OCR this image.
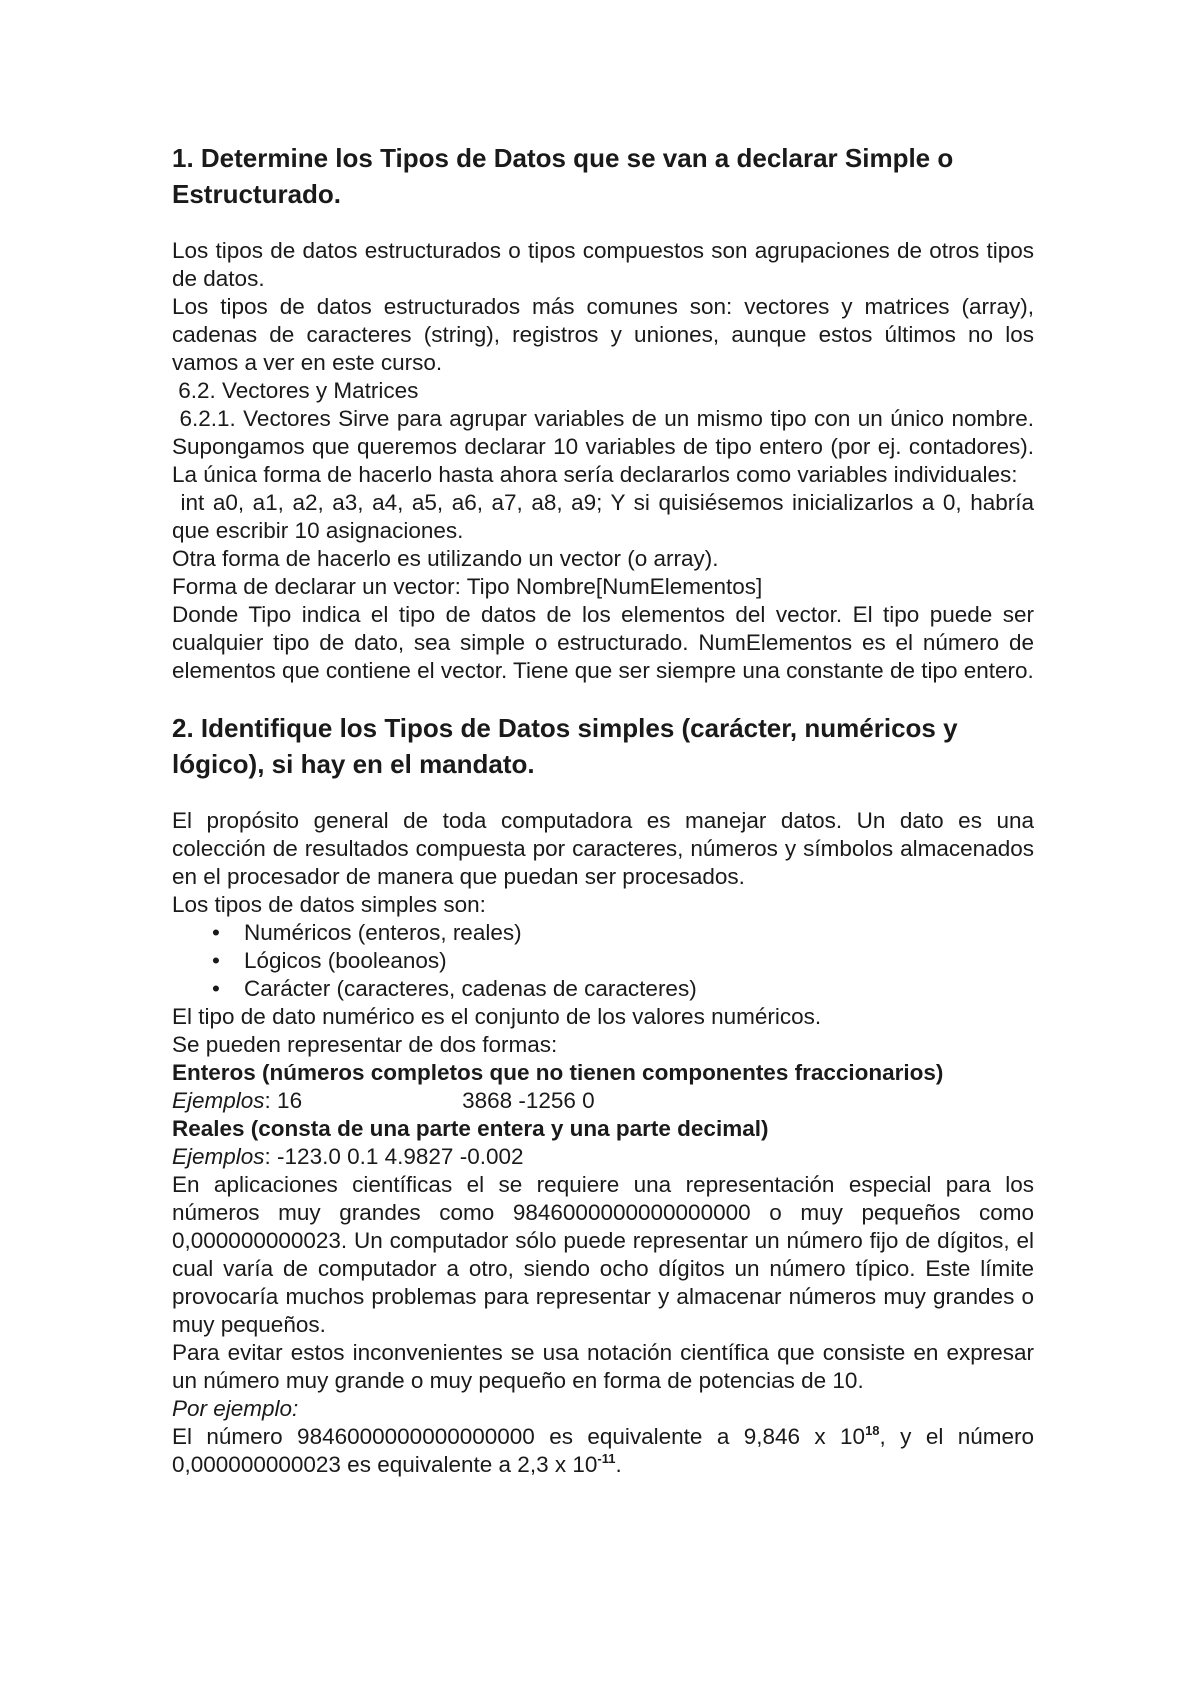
1. Determine los Tipos de Datos que se van a declarar Simple o Estructurado.

Los tipos de datos estructurados o tipos compuestos son agrupaciones de otros tipos de datos.

Los tipos de datos estructurados más comunes son: vectores y matrices (array), cadenas de caracteres (string), registros y uniones, aunque estos últimos no los vamos a ver en este curso.

6.2. Vectores y Matrices

6.2.1. Vectores Sirve para agrupar variables de un mismo tipo con un único nombre. Supongamos que queremos declarar 10 variables de tipo entero (por ej. contadores). La única forma de hacerlo hasta ahora sería declararlos como variables individuales:

int a0, a1, a2, a3, a4, a5, a6, a7, a8, a9; Y si quisiésemos inicializarlos a 0, habría que escribir 10 asignaciones.

Otra forma de hacerlo es utilizando un vector (o array).

Forma de declarar un vector: Tipo Nombre[NumElementos]

Donde Tipo indica el tipo de datos de los elementos del vector. El tipo puede ser cualquier tipo de dato, sea simple o estructurado. NumElementos es el número de elementos que contiene el vector. Tiene que ser siempre una constante de tipo entero.

2. Identifique los Tipos de Datos simples (carácter, numéricos y lógico), si hay en el mandato.

El propósito general de toda computadora es manejar datos. Un dato es una colección de resultados compuesta por caracteres, números y símbolos almacenados en el procesador de manera que puedan ser procesados.

Los tipos de datos simples son:

• Numéricos (enteros, reales)
• Lógicos (booleanos)
• Carácter (caracteres, cadenas de caracteres)

El tipo de dato numérico es el conjunto de los valores numéricos.

Se pueden representar de dos formas:

Enteros (números completos que no tienen componentes fraccionarios)

Ejemplos: 16	3868 -1256 0

Reales (consta de una parte entera y una parte decimal)

Ejemplos: -123.0 0.1 4.9827 -0.002

En aplicaciones científicas el se requiere una representación especial para los números muy grandes como 9846000000000000000 o muy pequeños como 0,000000000023. Un computador sólo puede representar un número fijo de dígitos, el cual varía de computador a otro, siendo ocho dígitos un número típico. Este límite provocaría muchos problemas para representar y almacenar números muy grandes o muy pequeños.

Para evitar estos inconvenientes se usa notación científica que consiste en expresar un número muy grande o muy pequeño en forma de potencias de 10.

Por ejemplo:

El número 9846000000000000000 es equivalente a 9,846 x $10^{18}$, y el número 0,000000000023 es equivalente a 2,3 x $10^{-11}$.
